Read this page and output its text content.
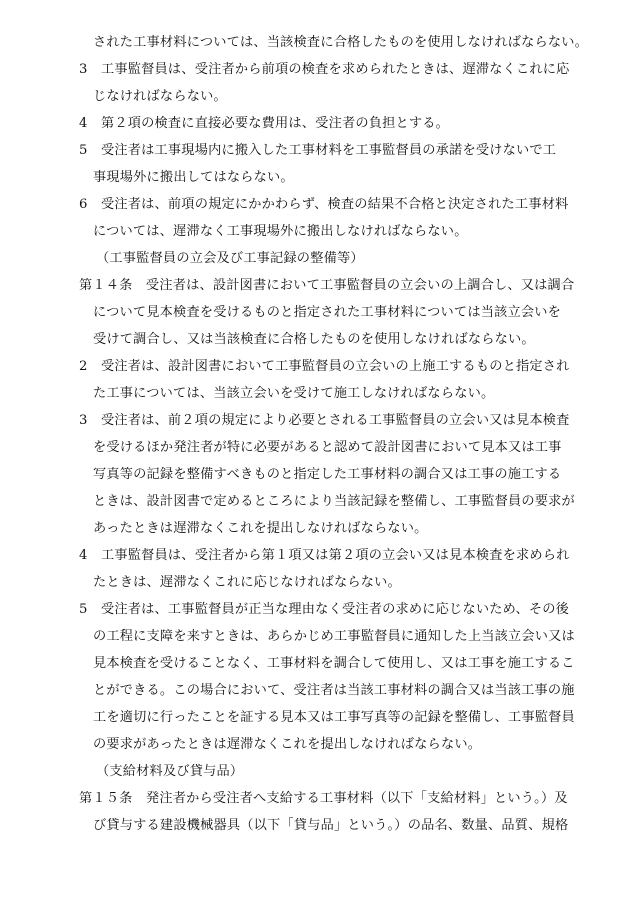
された工事材料については、当該検査に合格したものを使用しなければならない。
3　工事監督員は、受注者から前項の検査を求められたときは、遅滞なくこれに応
じなければならない。
4　第２項の検査に直接必要な費用は、受注者の負担とする。
5　受注者は工事現場内に搬入した工事材料を工事監督員の承諾を受けないで工
事現場外に搬出してはならない。
6　受注者は、前項の規定にかかわらず、検査の結果不合格と決定された工事材料
については、遅滞なく工事現場外に搬出しなければならない。
（工事監督員の立会及び工事記録の整備等）
第１４条　受注者は、設計図書において工事監督員の立会いの上調合し、又は調合
について見本検査を受けるものと指定された工事材料については当該立会いを
受けて調合し、又は当該検査に合格したものを使用しなければならない。
2　受注者は、設計図書において工事監督員の立会いの上施工するものと指定され
た工事については、当該立会いを受けて施工しなければならない。
3　受注者は、前２項の規定により必要とされる工事監督員の立会い又は見本検査
を受けるほか発注者が特に必要があると認めて設計図書において見本又は工事
写真等の記録を整備すべきものと指定した工事材料の調合又は工事の施工する
ときは、設計図書で定めるところにより当該記録を整備し、工事監督員の要求が
あったときは遅滞なくこれを提出しなければならない。
4　工事監督員は、受注者から第１項又は第２項の立会い又は見本検査を求められ
たときは、遅滞なくこれに応じなければならない。
5　受注者は、工事監督員が正当な理由なく受注者の求めに応じないため、その後
の工程に支障を来すときは、あらかじめ工事監督員に通知した上当該立会い又は
見本検査を受けることなく、工事材料を調合して使用し、又は工事を施工するこ
とができる。この場合において、受注者は当該工事材料の調合又は当該工事の施
工を適切に行ったことを証する見本又は工事写真等の記録を整備し、工事監督員
の要求があったときは遅滞なくこれを提出しなければならない。
（支給材料及び貸与品）
第１５条　発注者から受注者へ支給する工事材料（以下「支給材料」という。）及
び貸与する建設機械器具（以下「貸与品」という。）の品名、数量、品質、規格
